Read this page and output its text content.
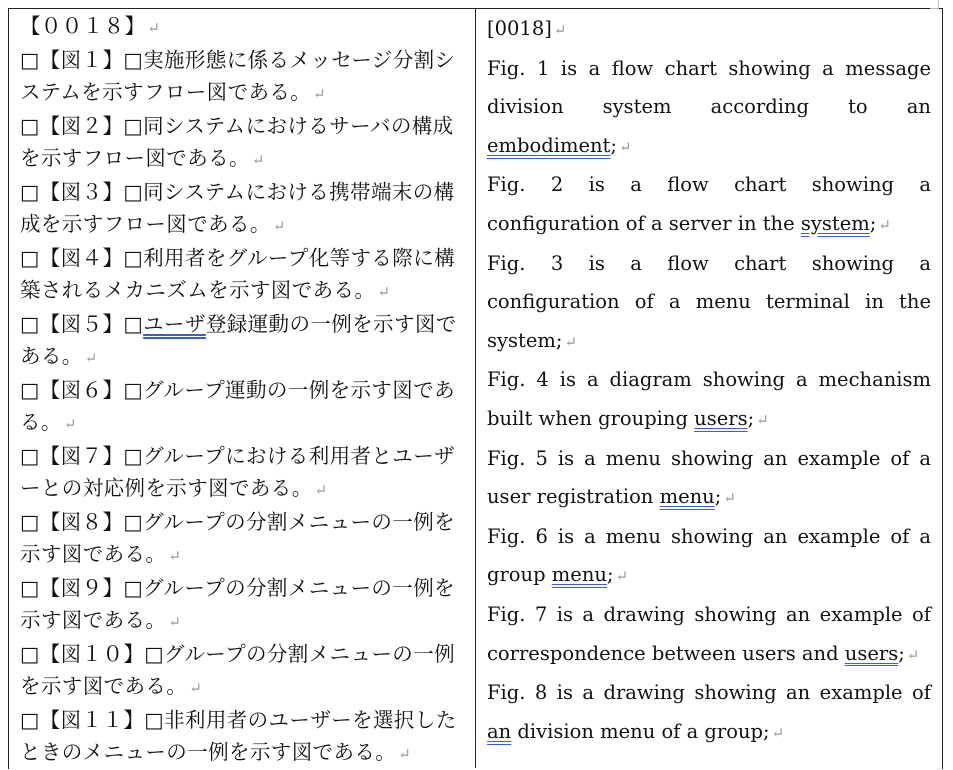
【００１８】 ↵
□【図１】□実施形態に係るメッセージ分割システムを示すフロー図である。 ↵
□【図２】□同システムにおけるサーバの構成を示すフロー図である。 ↵
□【図３】□同システムにおける携帯端末の構成を示すフロー図である。 ↵
□【図４】□利用者をグループ化等する際に構築されるメカニズムを示す図である。 ↵
□【図５】□ユーザ登録運動の一例を示す図である。 ↵
□【図６】□グループ運動の一例を示す図である。 ↵
□【図７】□グループにおける利用者とユーザーとの対応例を示す図である。 ↵
□【図８】□グループの分割メニューの一例を示す図である。 ↵
□【図９】□グループの分割メニューの一例を示す図である。 ↵
□【図１０】□グループの分割メニューの一例を示す図である。 ↵
□【図１１】□非利用者のユーザーを選択したときのメニューの一例を示す図である。 ↵
[0018] ↵
Fig. 1 is a flow chart showing a message division system according to an embodiment; ↵
Fig. 2 is a flow chart showing a configuration of a server in the system; ↵
Fig. 3 is a flow chart showing a configuration of a menu terminal in the system; ↵
Fig. 4 is a diagram showing a mechanism built when grouping users; ↵
Fig. 5 is a menu showing an example of a user registration menu; ↵
Fig. 6 is a menu showing an example of a group menu; ↵
Fig. 7 is a drawing showing an example of correspondence between users and users; ↵
Fig. 8 is a drawing showing an example of an division menu of a group; ↵
